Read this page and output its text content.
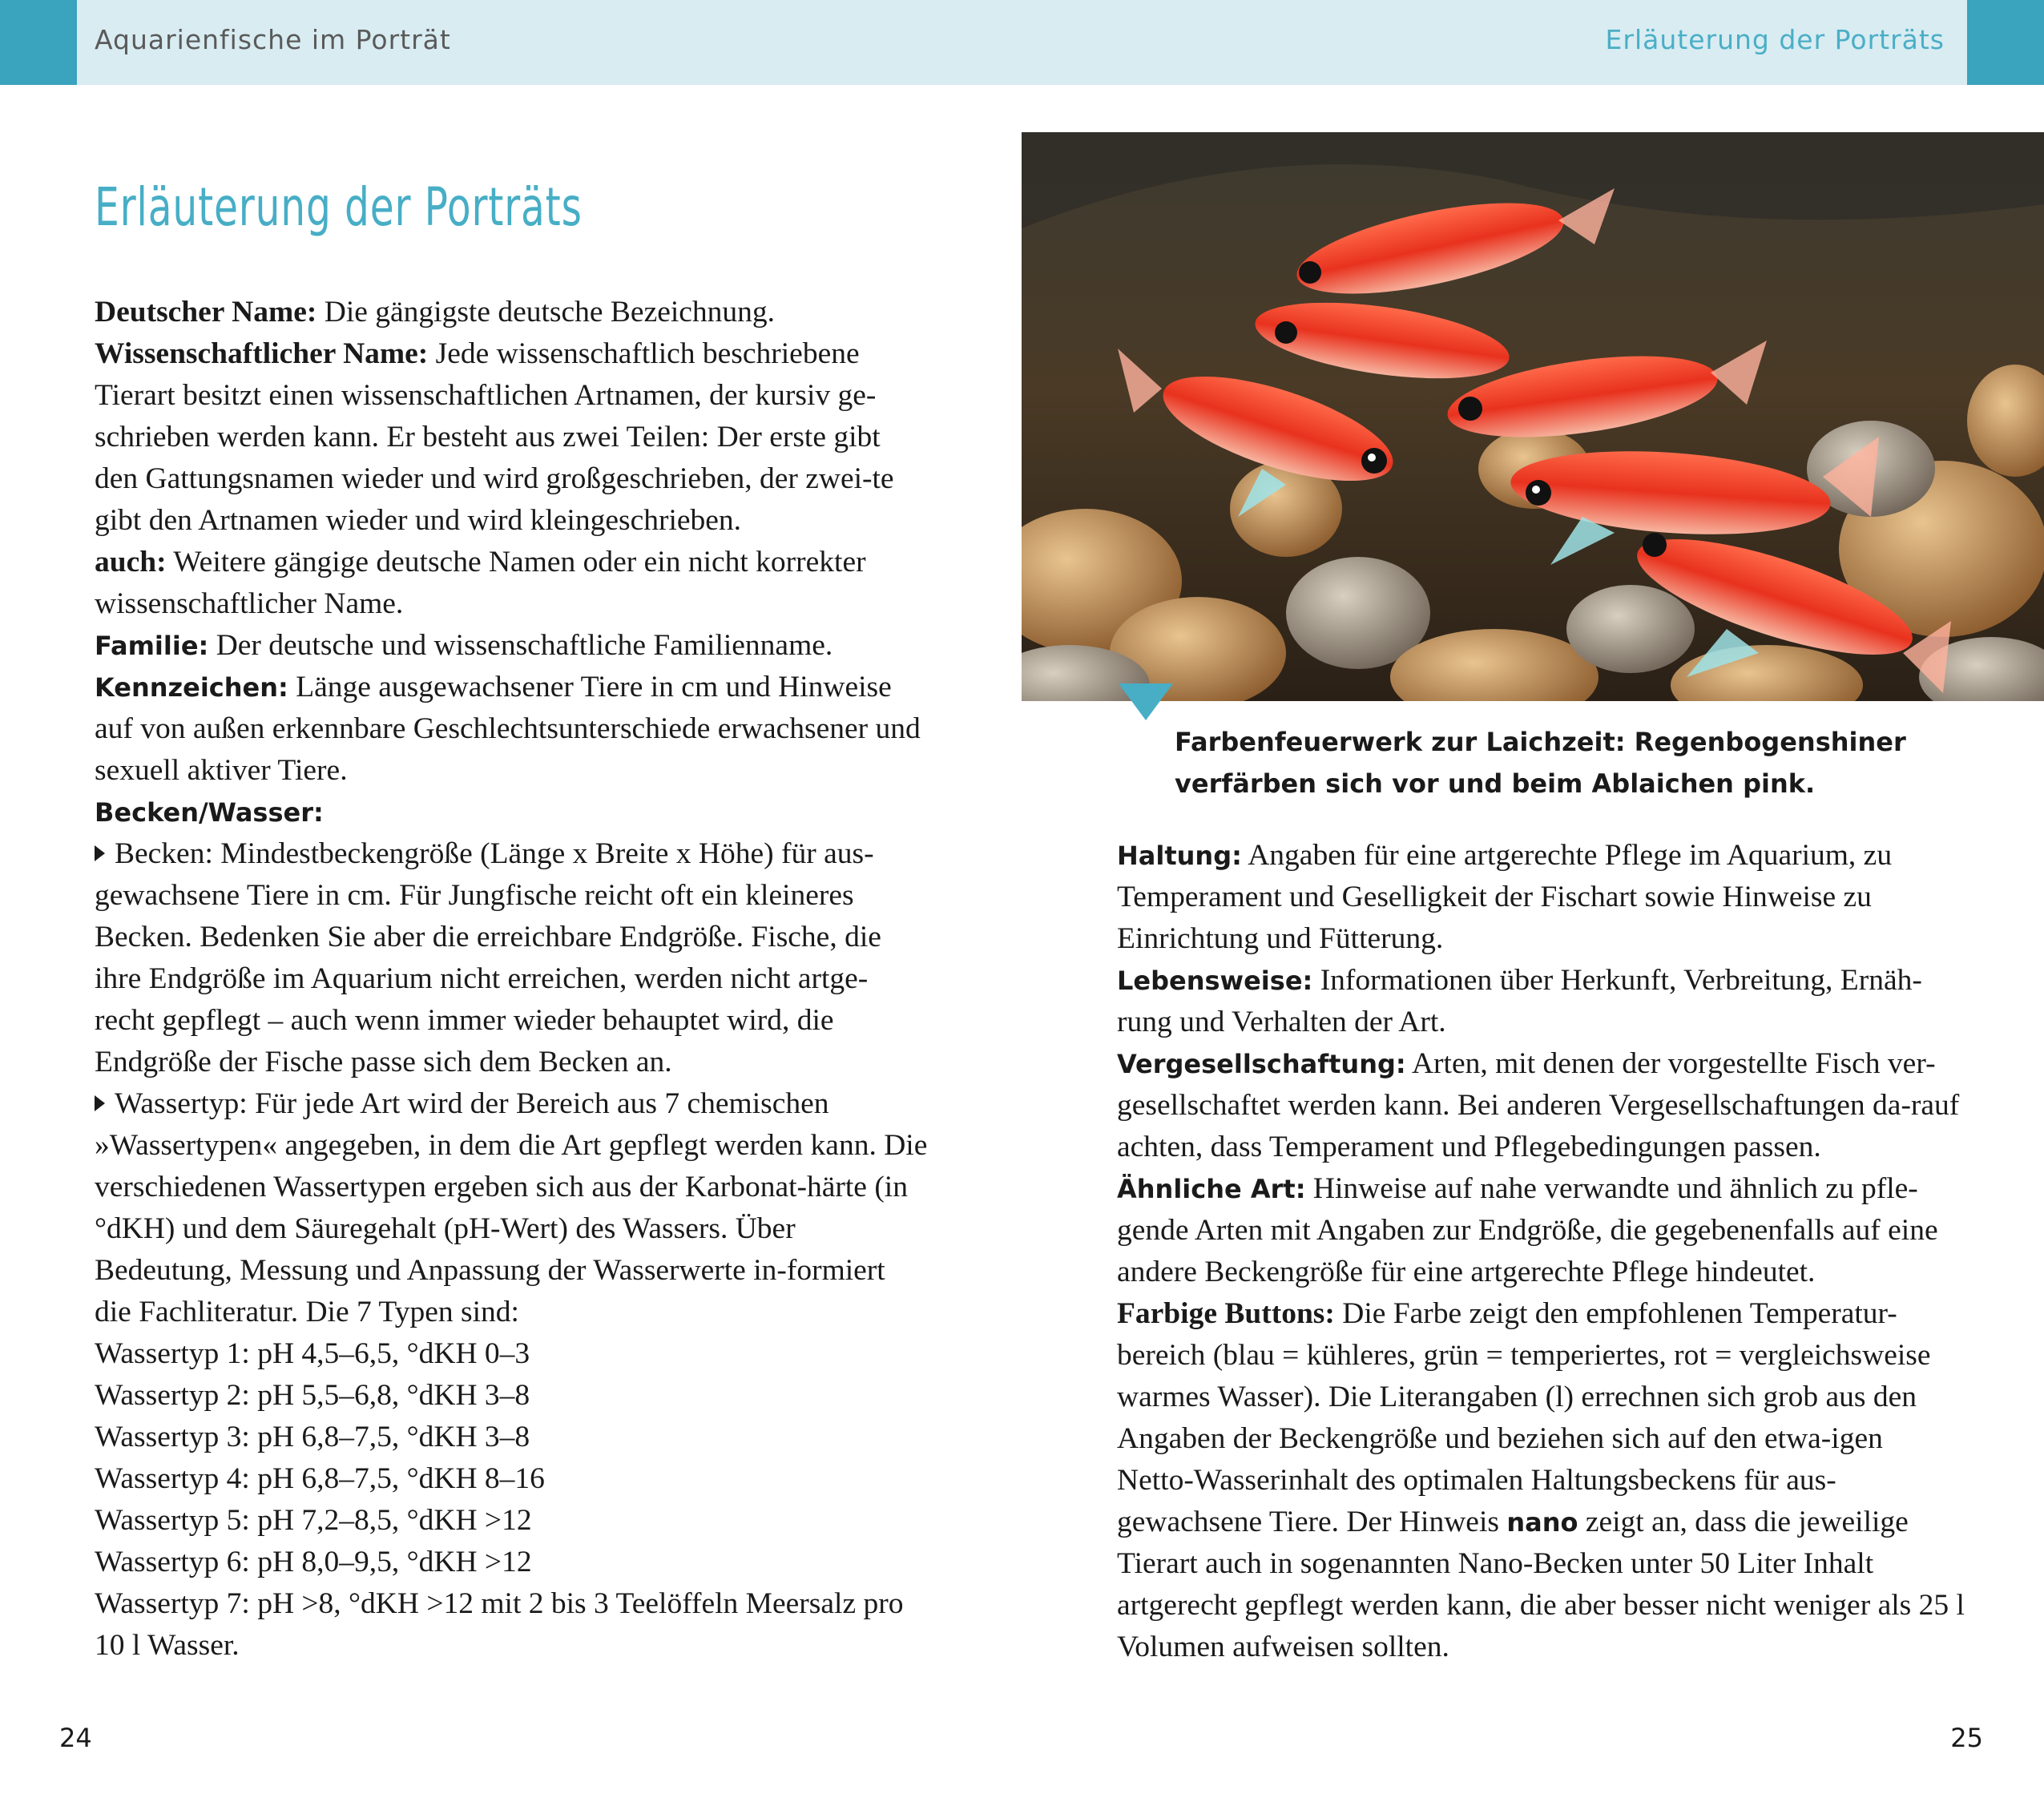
Aquarienfische im Porträt	Erläuterung der Porträts
Erläuterung der Porträts

Deutscher Name: Die gängigste deutsche Bezeichnung.

Wissenschaftlicher Name: Jede wissenschaftlich beschriebene Tierart besitzt einen wissenschaftlichen Artnamen, der kursiv ge-schrieben werden kann. Er besteht aus zwei Teilen: Der erste gibt den Gattungsnamen wieder und wird großgeschrieben, der zwei-te gibt den Artnamen wieder und wird kleingeschrieben.

auch: Weitere gängige deutsche Namen oder ein nicht korrekter wissenschaftlicher Name.

Familie: Der deutsche und wissenschaftliche Familienname.

Kennzeichen: Länge ausgewachsener Tiere in cm und Hinweise auf von außen erkennbare Geschlechtsunterschiede erwachsener und sexuell aktiver Tiere.

Becken/Wasser:

Becken: Mindestbeckengröße (Länge x Breite x Höhe) für aus-gewachsene Tiere in cm. Für Jungfische reicht oft ein kleineres Becken. Bedenken Sie aber die erreichbare Endgröße. Fische, die ihre Endgröße im Aquarium nicht erreichen, werden nicht artge-recht gepflegt – auch wenn immer wieder behauptet wird, die Endgröße der Fische passe sich dem Becken an.

Wassertyp: Für jede Art wird der Bereich aus 7 chemischen »Wassertypen« angegeben, in dem die Art gepflegt werden kann. Die verschiedenen Wassertypen ergeben sich aus der Karbonat-härte (in °dKH) und dem Säuregehalt (pH-Wert) des Wassers. Über Bedeutung, Messung und Anpassung der Wasserwerte in-formiert die Fachliteratur. Die 7 Typen sind:

Wassertyp 1: pH 4,5–6,5, °dKH 0–3

Wassertyp 2: pH 5,5–6,8, °dKH 3–8

Wassertyp 3: pH 6,8–7,5, °dKH 3–8

Wassertyp 4: pH 6,8–7,5, °dKH 8–16

Wassertyp 5: pH 7,2–8,5, °dKH >12

Wassertyp 6: pH 8,0–9,5, °dKH >12

Wassertyp 7: pH >8, °dKH >12 mit 2 bis 3 Teelöffeln Meersalz pro 10 l Wasser.

Farbenfeuerwerk zur Laichzeit: Regenbogenshiner verfärben sich vor und beim Ablaichen pink.

Haltung: Angaben für eine artgerechte Pflege im Aquarium, zu Temperament und Geselligkeit der Fischart sowie Hinweise zu Einrichtung und Fütterung.

Lebensweise: Informationen über Herkunft, Verbreitung, Ernäh-rung und Verhalten der Art.

Vergesellschaftung: Arten, mit denen der vorgestellte Fisch ver-gesellschaftet werden kann. Bei anderen Vergesellschaftungen da-rauf achten, dass Temperament und Pflegebedingungen passen.

Ähnliche Art: Hinweise auf nahe verwandte und ähnlich zu pfle-gende Arten mit Angaben zur Endgröße, die gegebenenfalls auf eine andere Beckengröße für eine artgerechte Pflege hindeutet.

Farbige Buttons: Die Farbe zeigt den empfohlenen Temperatur-bereich (blau = kühleres, grün = temperiertes, rot = vergleichsweise warmes Wasser). Die Literangaben (l) errechnen sich grob aus den Angaben der Beckengröße und beziehen sich auf den etwa-igen Netto-Wasserinhalt des optimalen Haltungsbeckens für aus-gewachsene Tiere. Der Hinweis nano zeigt an, dass die jeweilige Tierart auch in sogenannten Nano-Becken unter 50 Liter Inhalt artgerecht gepflegt werden kann, die aber besser nicht weniger als 25 l Volumen aufweisen sollten.

24	25
